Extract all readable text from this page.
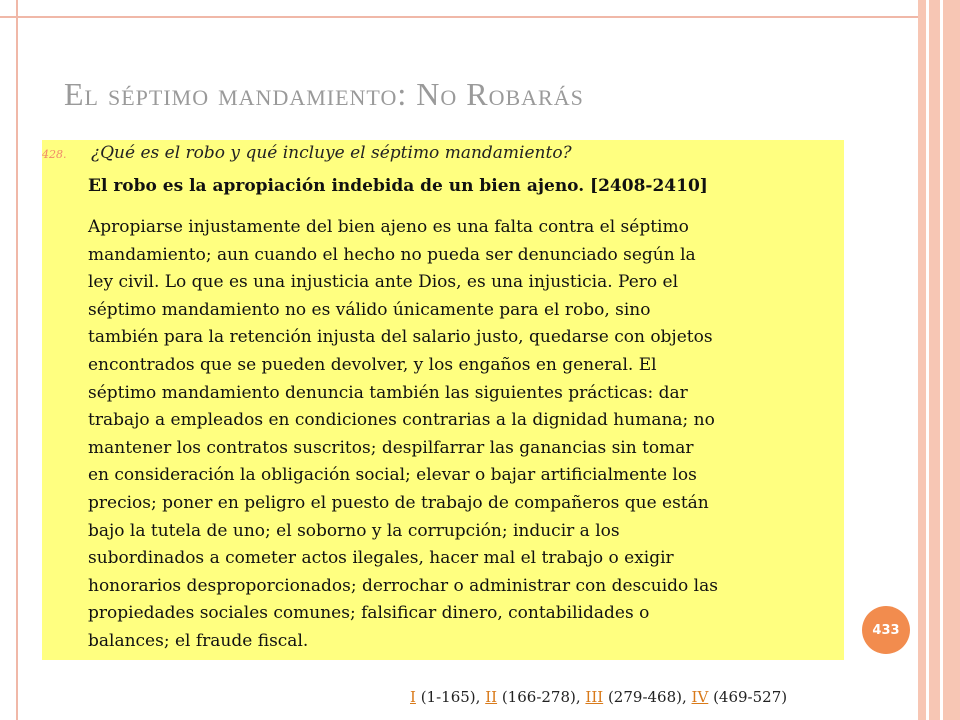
El séptimo mandamiento: No Robarás
428. ¿Qué es el robo y qué incluye el séptimo mandamiento?
El robo es la apropiación indebida de un bien ajeno. [2408-2410]
Apropiarse injustamente del bien ajeno es una falta contra el séptimo
mandamiento; aun cuando el hecho no pueda ser denunciado según la
ley civil. Lo que es una injusticia ante Dios, es una injusticia. Pero el
séptimo mandamiento no es válido únicamente para el robo, sino
también para la retención injusta del salario justo, quedarse con objetos
encontrados que se pueden devolver, y los engaños en general. El
séptimo mandamiento denuncia también las siguientes prácticas: dar
trabajo a empleados en condiciones contrarias a la dignidad humana; no
mantener los contratos suscritos; despilfarrar las ganancias sin tomar
en consideración la obligación social; elevar o bajar artificialmente los
precios; poner en peligro el puesto de trabajo de compañeros que están
bajo la tutela de uno; el soborno y la corrupción; inducir a los
subordinados a cometer actos ilegales, hacer mal el trabajo o exigir
honorarios desproporcionados; derrochar o administrar con descuido las
propiedades sociales comunes; falsificar dinero, contabilidades o
balances; el fraude fiscal.
433
I (1-165), II (166-278), III (279-468), IV (469-527)
